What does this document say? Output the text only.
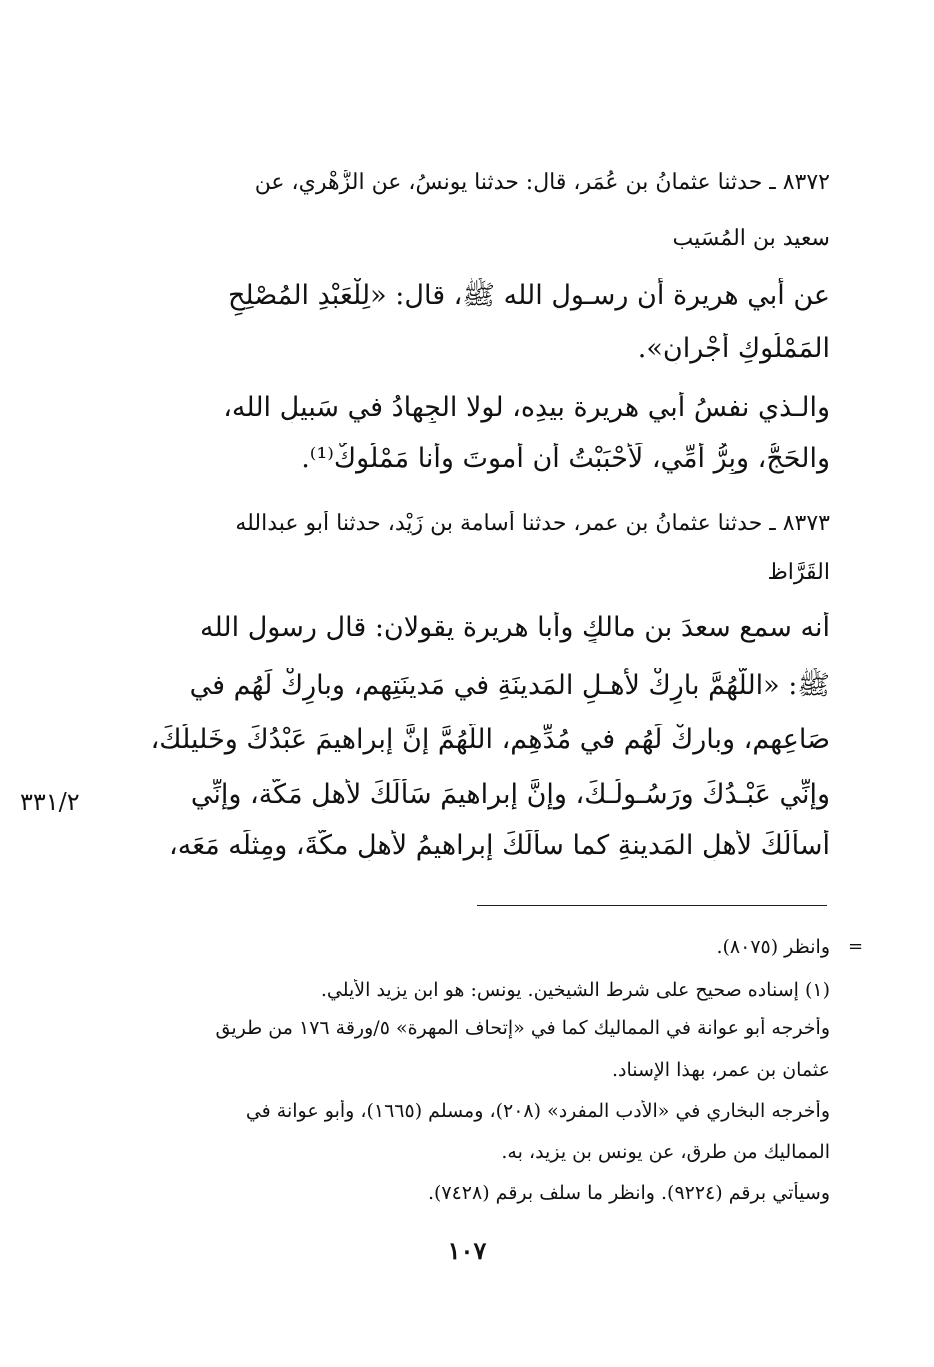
٨٣٧٢ ـ حدثنا عثمانُ بن عُمَر، قال: حدثنا يونسُ، عن الزُّهْري، عن
سعيد بن المُسَيب
عن أَبي هريرة أن رسـول الله ﷺ، قال: «لِلْعَبْدِ المُصْلِحِ
المَمْلُوكِ أَجْرانِ».
والـذي نفسُ أبي هريرة بيدِه، لولا الجِهادُ في سَبيلِ الله،
والحَجُّ، وبِرُّ أُمِّي، لَأَحْبَبْتُ أن أموتَ وأنا مَمْلُوكٌ⁽¹⁾.
٨٣٧٣ ـ حدثنا عثمانُ بن عمر، حدثنا أسامة بن زَيْد، حدثنا أبو عبدالله
القَرَّاظ
أنه سمع سعدَ بن مالكٍ وأبا هريرة يقولان: قال رسول الله
ﷺ: «اللَّهُمَّ بارِكْ لأهـلِ المَدينَةِ في مَدينَتِهم، وبارِكْ لَهُم في
صَاعِهِم، وبارِكْ لَهُم في مُدِّهِم، اللَّهُمَّ إنَّ إبراهيمَ عَبْدُكَ وخَليلُكَ،
وإِنِّي عَبْـدُكَ ورَسُـولُـكَ، وإنَّ إبراهيمَ سَأَلَكَ لأهلِ مَكَّة، وإِنِّي
أسأَلُكَ لأهلِ المَدينةِ كما سأَلَكَ إبراهيمُ لأهلِ مكَّةَ، ومِثلَه مَعَه،
٣٣١/٢
=
وانظر (٨٠٧٥).
(١) إسناده صحيح على شرط الشيخين. يونس: هو ابن يزيد الأيلي.
وأخرجه أبو عوانة في المماليك كما في «إتحاف المهرة» ٥/ورقة ١٧٦ من طريق
عثمان بن عمر، بهذا الإسناد.
وأخرجه البخاري في «الأدب المفرد» (٢٠٨)، ومسلم (١٦٦٥)، وأبو عوانة في
المماليك من طرق، عن يونس بن يزيد، به.
وسيأتي برقم (٩٢٢٤). وانظر ما سلف برقم (٧٤٢٨).
١٠٧
